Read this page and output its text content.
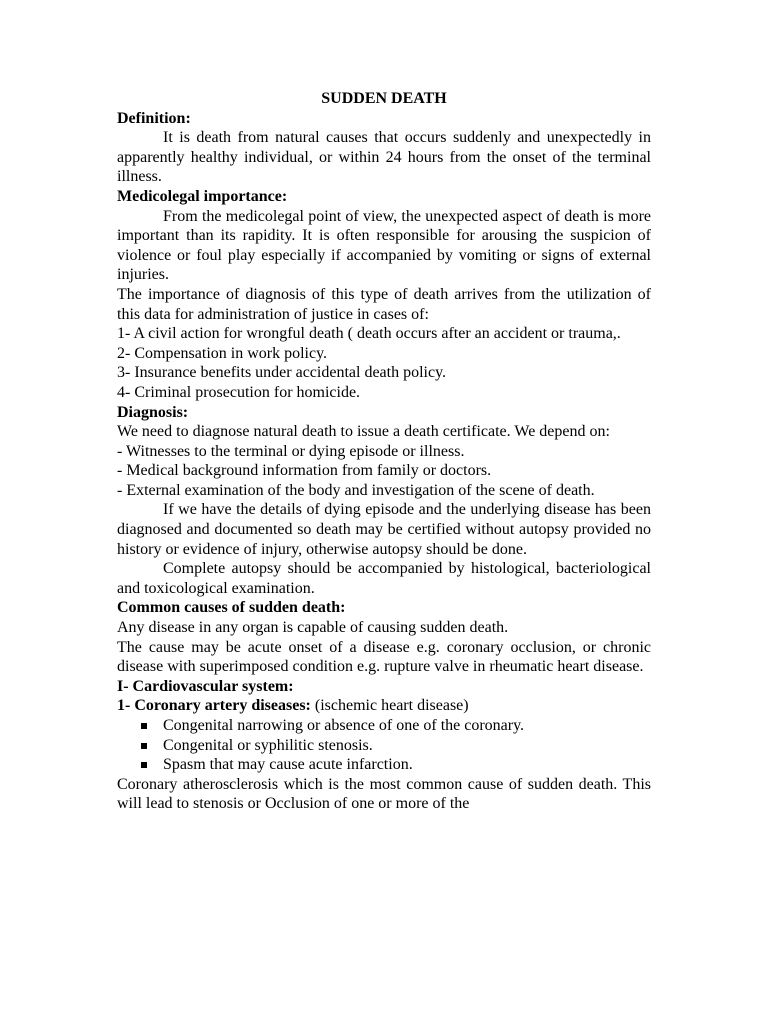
SUDDEN DEATH

Definition:

It is death from natural causes that occurs suddenly and unexpectedly in apparently healthy individual, or within 24 hours from the onset of the terminal illness.

Medicolegal importance:

From the medicolegal point of view, the unexpected aspect of death is more important than its rapidity. It is often responsible for arousing the suspicion of violence or foul play especially if accompanied by vomiting or signs of external injuries.

The importance of diagnosis of this type of death arrives from the utilization of this data for administration of justice in cases of:

1- A civil action for wrongful death ( death occurs after an accident or trauma,.

2- Compensation in work policy.

3- Insurance benefits under accidental death policy.

4- Criminal prosecution for homicide.

Diagnosis:

We need to diagnose natural death to issue a death certificate. We depend on:

- Witnesses to the terminal or dying episode or illness.

- Medical background information from family or doctors.

- External examination of the body and investigation of the scene of death.

If we have the details of dying episode and the underlying disease has been diagnosed and documented so death may be certified without autopsy provided no history or evidence of injury, otherwise autopsy should be done.

Complete autopsy should be accompanied by histological, bacteriological and toxicological examination.

Common causes of sudden death:

Any disease in any organ is capable of causing sudden death.

The cause may be acute onset of a disease e.g. coronary occlusion, or chronic disease with superimposed condition e.g. rupture valve in rheumatic heart disease.

I- Cardiovascular system:

1- Coronary artery diseases: (ischemic heart disease)

Congenital narrowing or absence of one of the coronary.
Congenital or syphilitic stenosis.
Spasm that may cause acute infarction.

Coronary atherosclerosis which is the most common cause of sudden death. This will lead to stenosis or Occlusion of one or more of the
